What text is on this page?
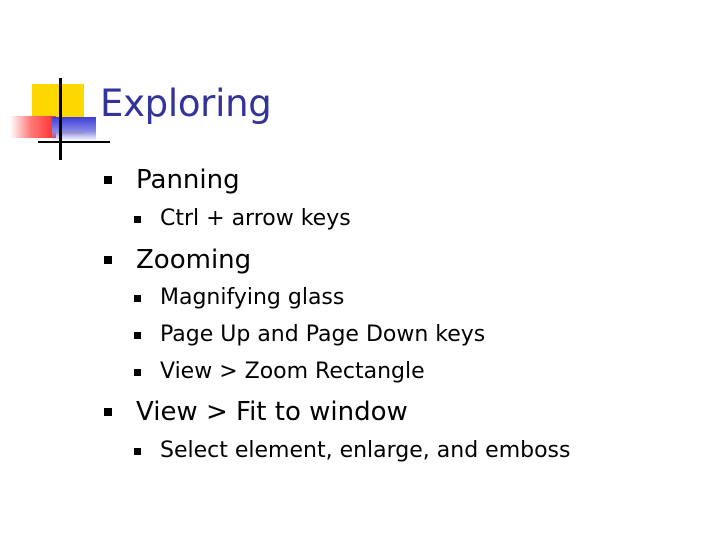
Exploring
Panning
Ctrl + arrow keys
Zooming
Magnifying glass
Page Up and Page Down keys
View > Zoom Rectangle
View > Fit to window
Select element, enlarge, and emboss
